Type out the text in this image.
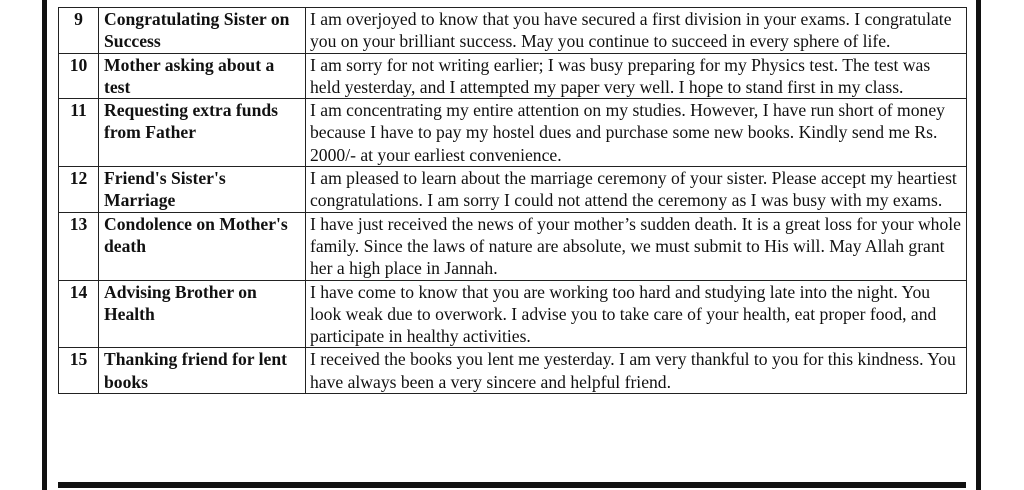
9	Congratulating Sister on Success	I am overjoyed to know that you have secured a first division in your exams. I congratulate you on your brilliant success. May you continue to succeed in every sphere of life.
10	Mother asking about a test	I am sorry for not writing earlier; I was busy preparing for my Physics test. The test was held yesterday, and I attempted my paper very well. I hope to stand first in my class.
11	Requesting extra funds from Father	I am concentrating my entire attention on my studies. However, I have run short of money because I have to pay my hostel dues and purchase some new books. Kindly send me Rs. 2000/- at your earliest convenience.
12	Friend's Sister's Marriage	I am pleased to learn about the marriage ceremony of your sister. Please accept my heartiest congratulations. I am sorry I could not attend the ceremony as I was busy with my exams.
13	Condolence on Mother's death	I have just received the news of your mother’s sudden death. It is a great loss for your whole family. Since the laws of nature are absolute, we must submit to His will. May Allah grant her a high place in Jannah.
14	Advising Brother on Health	I have come to know that you are working too hard and studying late into the night. You look weak due to overwork. I advise you to take care of your health, eat proper food, and participate in healthy activities.
15	Thanking friend for lent books	I received the books you lent me yesterday. I am very thankful to you for this kindness. You have always been a very sincere and helpful friend.
